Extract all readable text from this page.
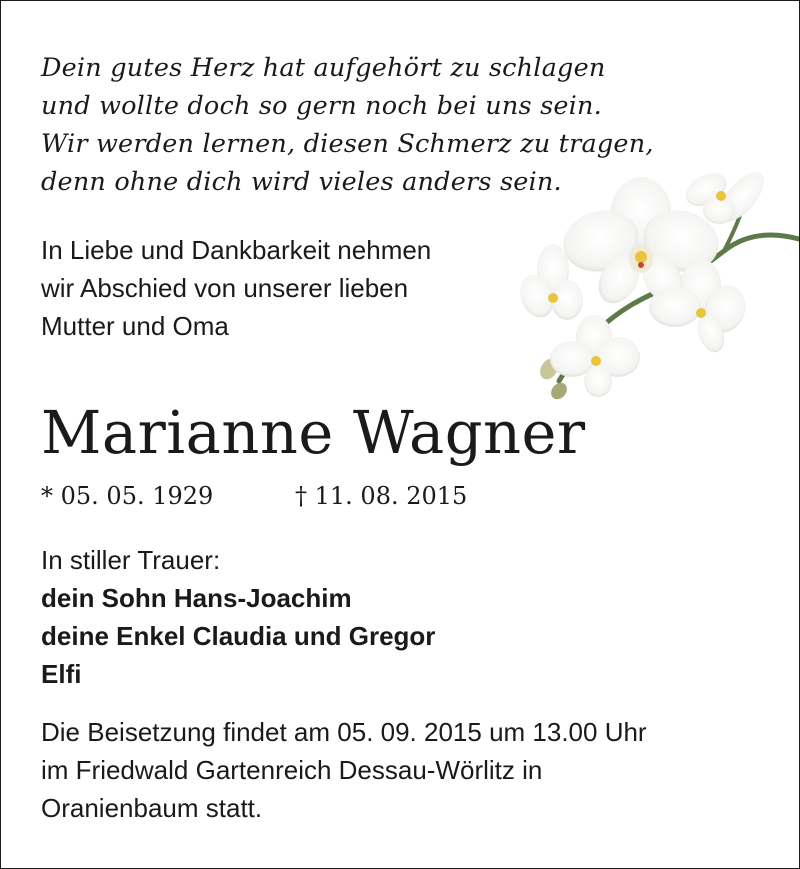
Dein gutes Herz hat aufgehört zu schlagen
und wollte doch so gern noch bei uns sein.
Wir werden lernen, diesen Schmerz zu tragen,
denn ohne dich wird vieles anders sein.
In Liebe und Dankbarkeit nehmen
wir Abschied von unserer lieben
Mutter und Oma
Marianne Wagner
* 05. 05. 1929	† 11. 08. 2015
In stiller Trauer:
dein Sohn Hans-Joachim
deine Enkel Claudia und Gregor
Elfi
Die Beisetzung findet am 05. 09. 2015 um 13.00 Uhr
im Friedwald Gartenreich Dessau-Wörlitz in
Oranienbaum statt.
